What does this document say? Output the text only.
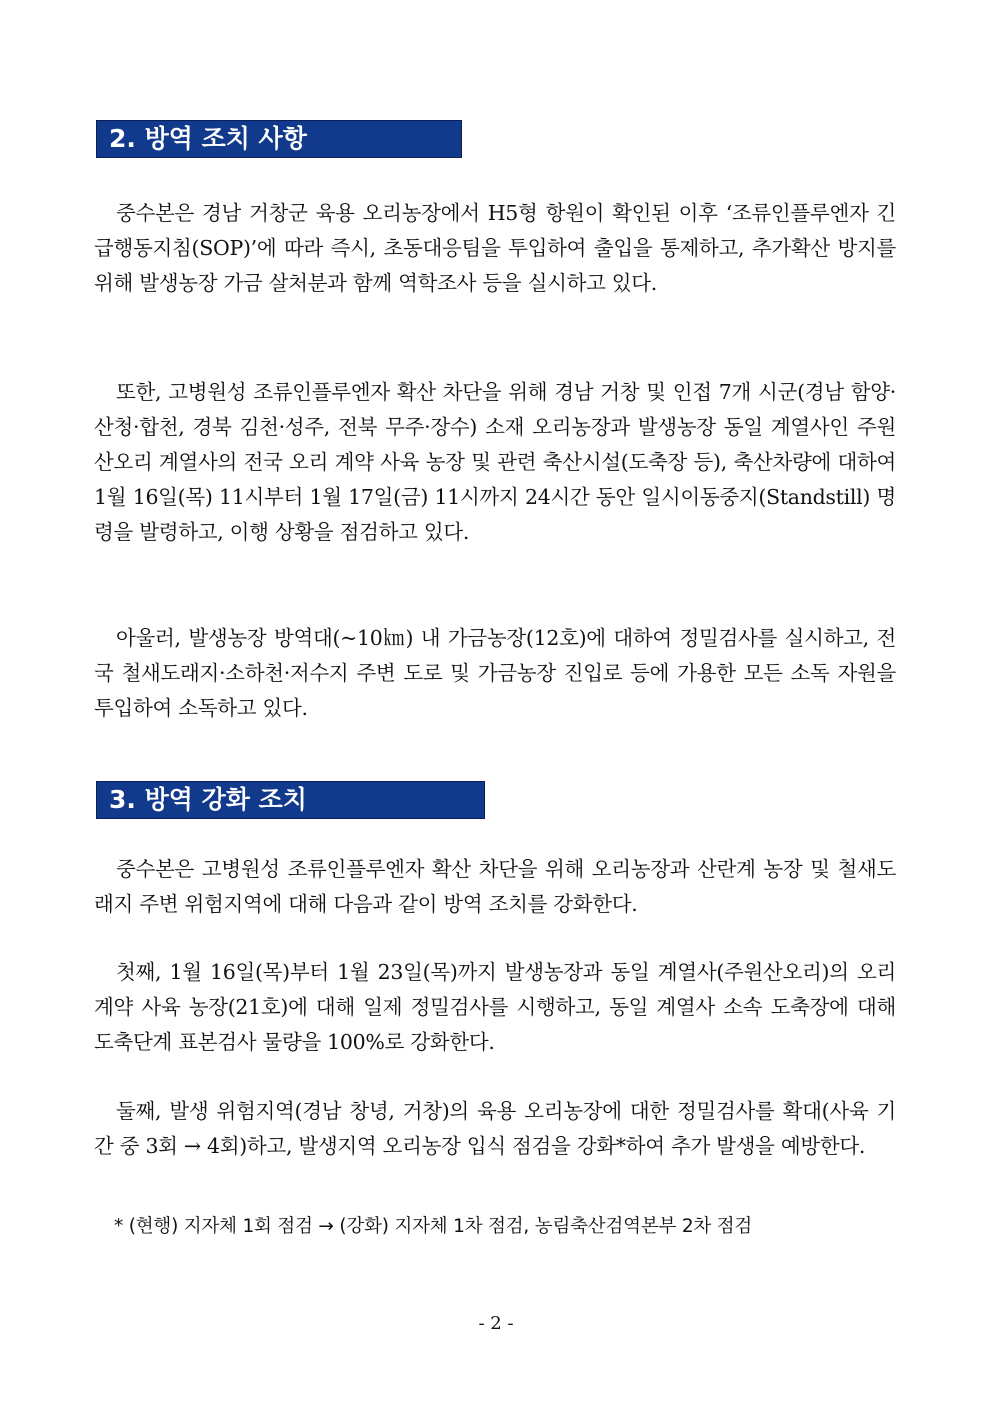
2. 방역 조치 사항

중수본은 경남 거창군 육용 오리농장에서 H5형 항원이 확인된 이후 ‘조류인플루엔자 긴급행동지침(SOP)’에 따라 즉시, 초동대응팀을 투입하여 출입을 통제하고, 추가확산 방지를 위해 발생농장 가금 살처분과 함께 역학조사 등을 실시하고 있다.

또한, 고병원성 조류인플루엔자 확산 차단을 위해 경남 거창 및 인접 7개 시군(경남 함양·산청·합천, 경북 김천·성주, 전북 무주·장수) 소재 오리농장과 발생농장 동일 계열사인 주원산오리 계열사의 전국 오리 계약 사육 농장 및 관련 축산시설(도축장 등), 축산차량에 대하여 1월 16일(목) 11시부터 1월 17일(금) 11시까지 24시간 동안 일시이동중지(Standstill) 명령을 발령하고, 이행 상황을 점검하고 있다.

아울러, 발생농장 방역대(~10㎞) 내 가금농장(12호)에 대하여 정밀검사를 실시하고, 전국 철새도래지·소하천·저수지 주변 도로 및 가금농장 진입로 등에 가용한 모든 소독 자원을 투입하여 소독하고 있다.

3. 방역 강화 조치

중수본은 고병원성 조류인플루엔자 확산 차단을 위해 오리농장과 산란계 농장 및 철새도래지 주변 위험지역에 대해 다음과 같이 방역 조치를 강화한다.

첫째, 1월 16일(목)부터 1월 23일(목)까지 발생농장과 동일 계열사(주원산오리)의 오리 계약 사육 농장(21호)에 대해 일제 정밀검사를 시행하고, 동일 계열사 소속 도축장에 대해 도축단계 표본검사 물량을 100%로 강화한다.

둘째, 발생 위험지역(경남 창녕, 거창)의 육용 오리농장에 대한 정밀검사를 확대(사육 기간 중 3회 → 4회)하고, 발생지역 오리농장 입식 점검을 강화*하여 추가 발생을 예방한다.

* (현행) 지자체 1회 점검 → (강화) 지자체 1차 점검, 농림축산검역본부 2차 점검

- 2 -
